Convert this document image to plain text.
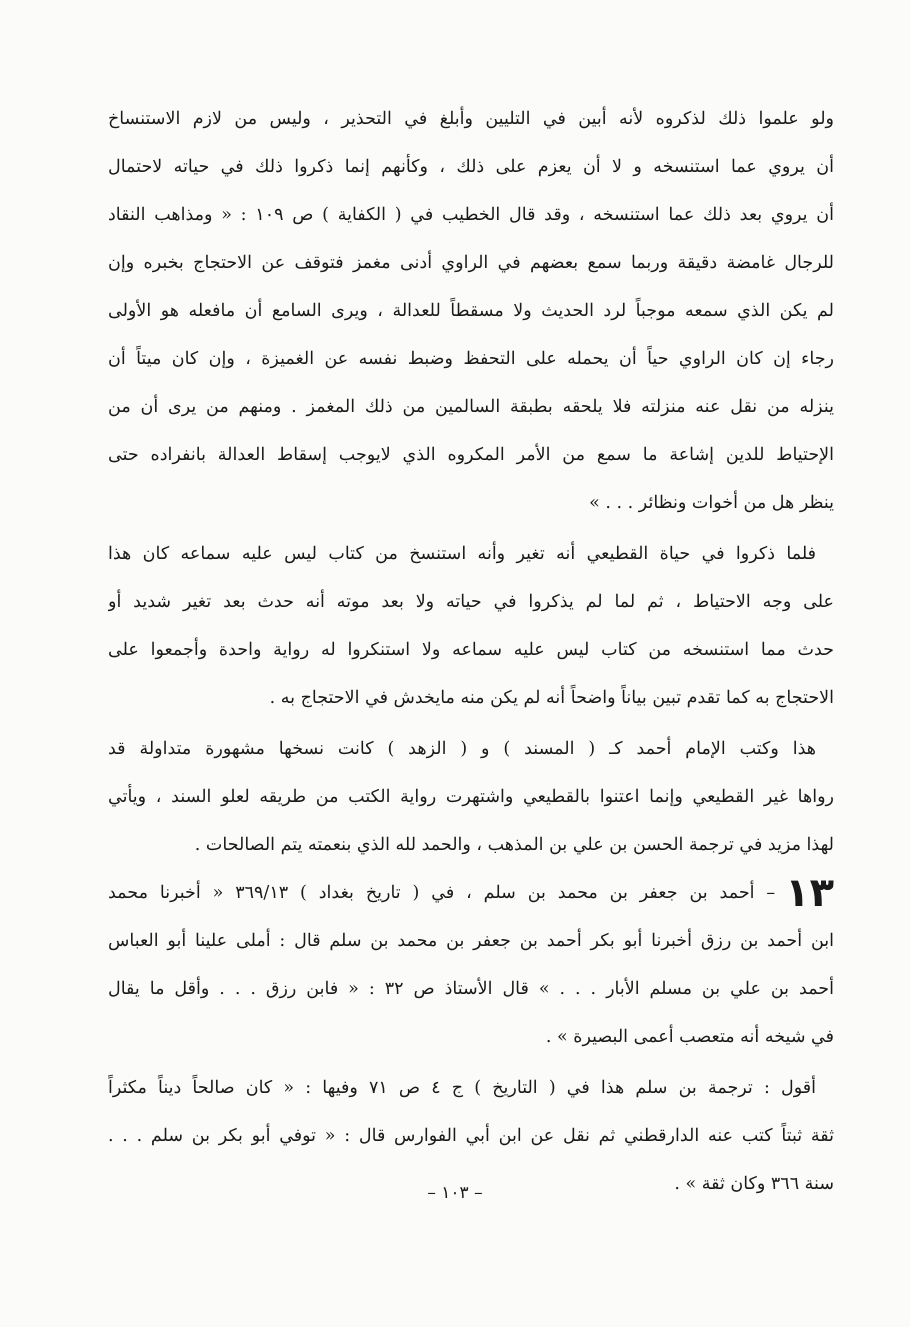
ولو علموا ذلك لذكروه لأنه أبين في التليين وأبلغ في التحذير ، وليس من لازم الاستنساخ
أن يروي عما استنسخه و لا أن يعزم على ذلك ، وكأنهم إنما ذكروا ذلك في حياته لاحتمال
أن يروي بعد ذلك عما استنسخه ، وقد قال الخطيب في ( الكفاية ) ص ١٠٩ : « ومذاهب النقاد
للرجال غامضة دقيقة وربما سمع بعضهم في الراوي أدنى مغمز فتوقف عن الاحتجاج بخبره وإن
لم يكن الذي سمعه موجباً لرد الحديث ولا مسقطاً للعدالة ، ويرى السامع أن مافعله هو الأولى
رجاء إن كان الراوي حياً أن يحمله على التحفظ وضبط نفسه عن الغميزة ، وإن كان ميتاً أن
ينزله من نقل عنه منزلته فلا يلحقه بطبقة السالمين من ذلك المغمز . ومنهم من يرى أن من
الإحتياط للدين إشاعة ما سمع من الأمر المكروه الذي لايوجب إسقاط العدالة بانفراده حتى
ينظر هل من أخوات ونظائر . . . »
فلما ذكروا في حياة القطيعي أنه تغير وأنه استنسخ من كتاب ليس عليه سماعه كان هذا
على وجه الاحتياط ، ثم لما لم يذكروا في حياته ولا بعد موته أنه حدث بعد تغير شديد أو
حدث مما استنسخه من كتاب ليس عليه سماعه ولا استنكروا له رواية واحدة وأجمعوا على
الاحتجاج به كما تقدم تبين بياناً واضحاً أنه لم يكن منه مايخدش في الاحتجاج به .
هذا وكتب الإمام أحمد كـ ( المسند ) و ( الزهد ) كانت نسخها مشهورة متداولة قد
رواها غير القطيعي وإنما اعتنوا بالقطيعي واشتهرت رواية الكتب من طريقه لعلو السند ، ويأتي
لهذا مزيد في ترجمة الحسن بن علي بن المذهب ، والحمد لله الذي بنعمته يتم الصالحات .
١٣
– أحمد بن جعفر بن محمد بن سلم ، في ( تاريخ بغداد ) ٣٦٩/١٣ « أخبرنا محمد
ابن أحمد بن رزق أخبرنا أبو بكر أحمد بن جعفر بن محمد بن سلم قال : أملى علينا أبو العباس
أحمد بن علي بن مسلم الأبار . . . » قال الأستاذ ص ٣٢ : « فابن رزق . . . وأقل ما يقال
في شيخه أنه متعصب أعمى البصيرة » .
أقول : ترجمة بن سلم هذا في ( التاريخ ) ج ٤ ص ٧١ وفيها : « كان صالحاً ديناً مكثراً
ثقة ثبتاً كتب عنه الدارقطني ثم نقل عن ابن أبي الفوارس قال : « توفي أبو بكر بن سلم . . .
سنة ٣٦٦ وكان ثقة » .
– ١٠٣ –
